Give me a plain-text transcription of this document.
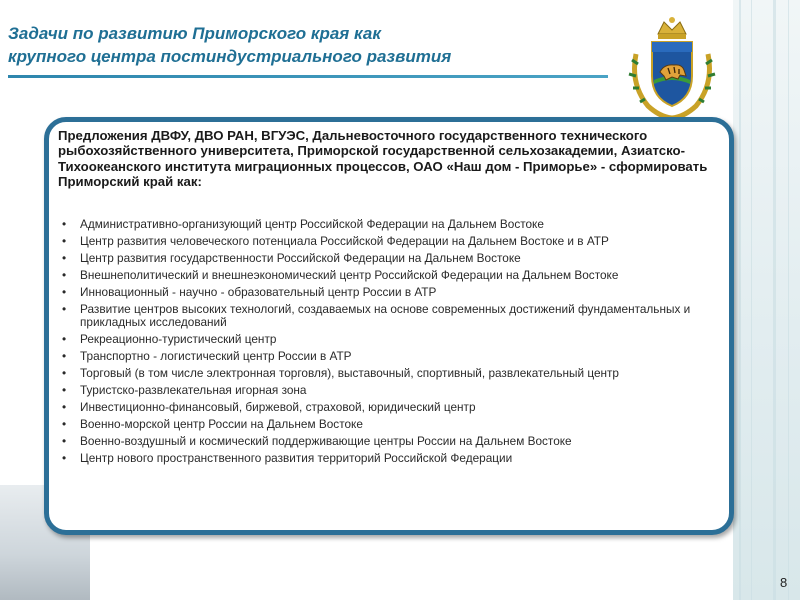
Задачи по развитию Приморского края как
крупного центра постиндустриального развития
Предложения ДВФУ, ДВО РАН, ВГУЭС, Дальневосточного государственного технического рыбохозяйственного университета, Приморской государственной сельхозакадемии, Азиатско-Тихоокеанского института миграционных процессов, ОАО «Наш дом - Приморье» - сформировать Приморский край как:
• Административно-организующий центр Российской Федерации на Дальнем Востоке
• Центр развития человеческого потенциала Российской Федерации на Дальнем Востоке и в АТР
• Центр развития государственности Российской Федерации на Дальнем Востоке
• Внешнеполитический и внешнеэкономический центр Российской Федерации на Дальнем Востоке
• Инновационный - научно - образовательный центр России в АТР
• Развитие центров высоких технологий, создаваемых на основе современных достижений фундаментальных и прикладных исследований
• Рекреационно-туристический центр
• Транспортно - логистический центр России в АТР
• Торговый (в том числе электронная торговля), выставочный, спортивный, развлекательный центр
• Туристско-развлекательная игорная зона
• Инвестиционно-финансовый, биржевой, страховой, юридический центр
• Военно-морской центр России на Дальнем Востоке
• Военно-воздушный и космический поддерживающие центры России на Дальнем Востоке
• Центр нового пространственного развития территорий Российской Федерации
8
